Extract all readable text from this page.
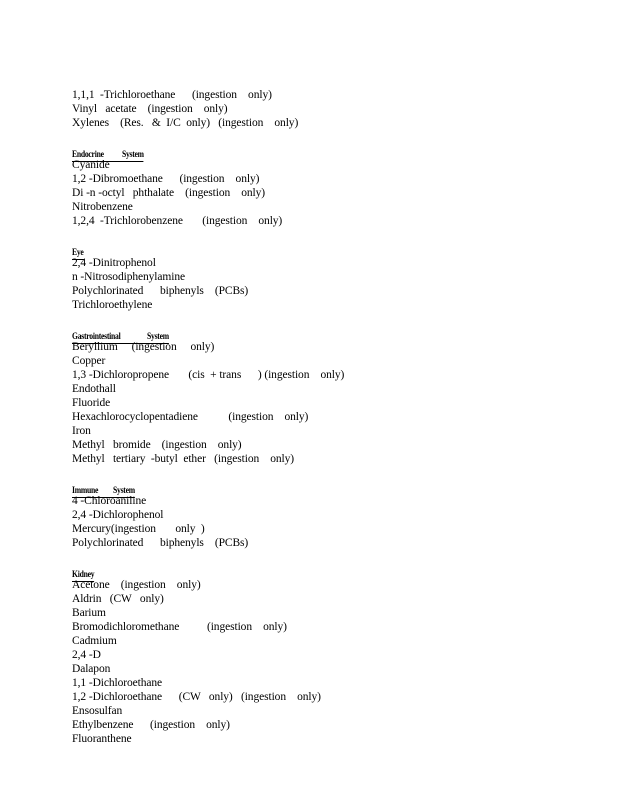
1,1,1  -Trichloroethane      (ingestion    only)
Vinyl   acetate    (ingestion    only)
Xylenes    (Res.   &  I/C  only)   (ingestion    only)
Endocrine           System
Cyanide
1,2 -Dibromoethane      (ingestion    only)
Di -n -octyl   phthalate    (ingestion    only)
Nitrobenzene
1,2,4  -Trichlorobenzene       (ingestion    only)
Eye
2,4 -Dinitrophenol
n -Nitrosodiphenylamine
Polychlorinated      biphenyls    (PCBs)
Trichloroethylene
Gastrointestinal                System
Beryllium     (ingestion     only)
Copper
1,3 -Dichloropropene       (cis  + trans      ) (ingestion    only)
Endothall
Fluoride
Hexachlorocyclopentadiene           (ingestion    only)
Iron
Methyl   bromide    (ingestion    only)
Methyl   tertiary  -butyl  ether   (ingestion    only)
Immune         System
4 -Chloroaniline
2,4 -Dichlorophenol
Mercury(ingestion       only  )
Polychlorinated      biphenyls    (PCBs)
Kidney
Acetone    (ingestion    only)
Aldrin   (CW   only)
Barium
Bromodichloromethane          (ingestion    only)
Cadmium
2,4 -D
Dalapon
1,1 -Dichloroethane
1,2 -Dichloroethane      (CW   only)   (ingestion    only)
Ensosulfan
Ethylbenzene      (ingestion    only)
Fluoranthene
